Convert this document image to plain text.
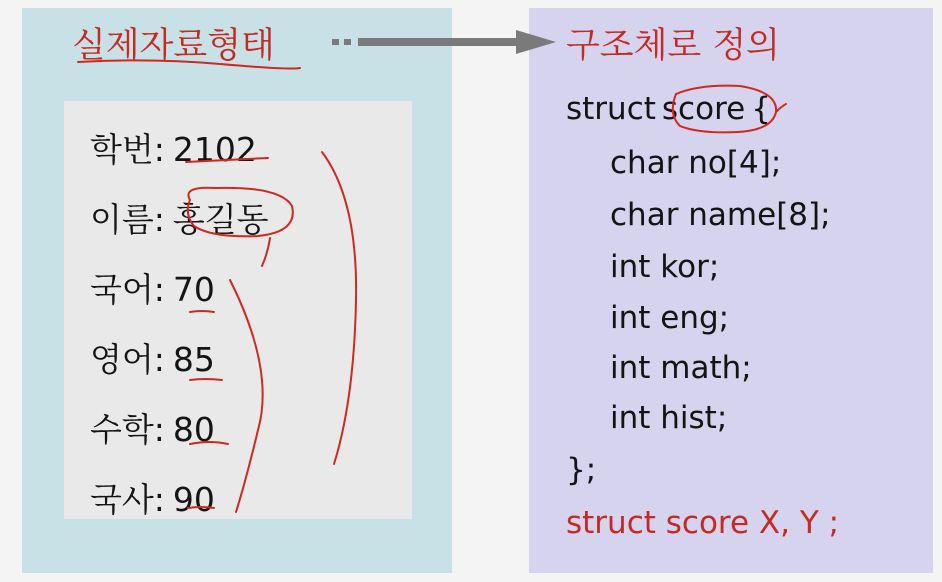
실제자료형태	구조체로 정의
학번: 2102
이름: 홍길동
국어: 70
영어: 85
수학: 80
국사: 90
struct score {
char no[4];
char name[8];
int kor;
int eng;
int math;
int hist;
};
struct score X, Y ;
